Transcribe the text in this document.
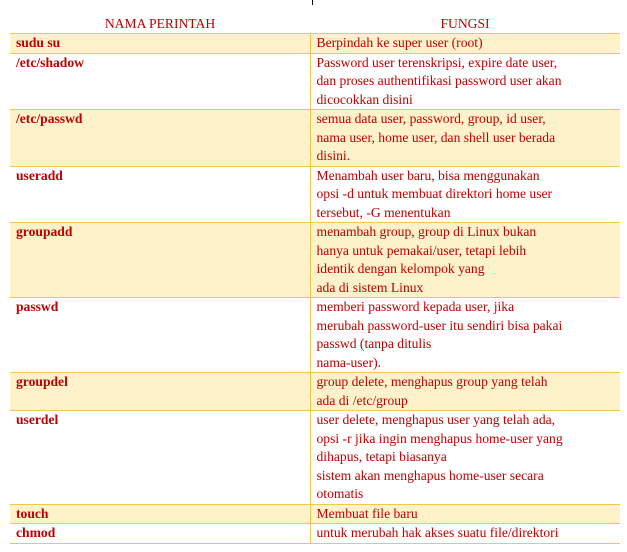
NAMA PERINTAH	FUNGSI
sudu su	Berpindah ke super user (root)

/etc/shadow	Password user terenskripsi, expire date user,
dan proses authentifikasi password user akan
dicocokkan disini

/etc/passwd	semua data user, password, group, id user,
nama user, home user, dan shell user berada
disini.

useradd	Menambah user baru, bisa menggunakan
opsi -d untuk membuat direktori home user
tersebut, -G menentukan

groupadd	menambah group, group di Linux bukan
hanya untuk pemakai/user, tetapi lebih
identik dengan kelompok yang
ada di sistem Linux

passwd	memberi password kepada user, jika
merubah password-user itu sendiri bisa pakai
passwd (tanpa ditulis
nama-user).

groupdel	group delete, menghapus group yang telah
ada di /etc/group

userdel	user delete, menghapus user yang telah ada,
opsi -r jika ingin menghapus home-user yang
dihapus, tetapi biasanya
sistem akan menghapus home-user secara
otomatis

touch	Membuat file baru

chmod	untuk merubah hak akses suatu file/direktori
